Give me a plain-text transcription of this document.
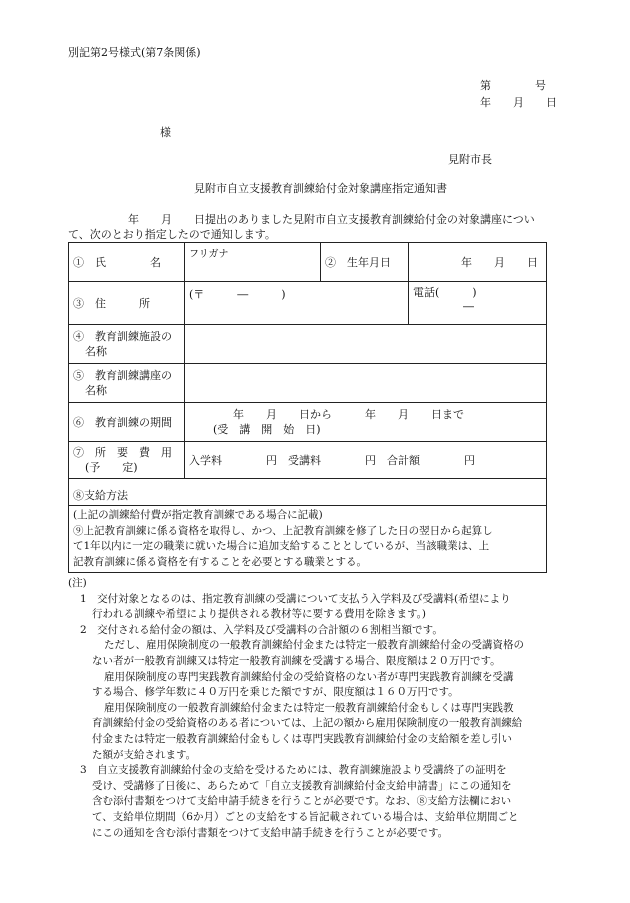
別記第2号様式(第7条関係)
第　　　　号
年　　月　　日
様
見附市長
見附市自立支援教育訓練給付金対象講座指定通知書
年　　月　　日提出のありました見附市自立支援教育訓練給付金の対象講座につい
て、次のとおり指定したので通知します。
①　氏　　　　名	フリガナ	②　生年月日	年　　月　　日
③　住　　　所	(〒　　　―　　　)		電話(　　　)
―

④　教育訓練施設の
名称			

⑤　教育訓練講座の
名称			

⑥　教育訓練の期間	年　　月　　日から　　　年　　月　　日まで
(受　講　開　始　日)		

⑦　所　要　費　用
(予　　定)	入学料　　　　円　受講料　　　　円　合計額　　　　円		
⑧支給方法			

(上記の訓練給付費が指定教育訓練である場合に記載)
⑨上記教育訓練に係る資格を取得し、かつ、上記教育訓練を修了した日の翌日から起算し
て1年以内に一定の職業に就いた場合に追加支給することとしているが、当該職業は、上
記教育訓練に係る資格を有することを必要とする職業とする。			

(注)

1　交付対象となるのは、指定教育訓練の受講について支払う入学料及び受講料(希望により

行われる訓練や希望により提供される教材等に要する費用を除きます。)

2　交付される給付金の額は、入学料及び受講料の合計額の６割相当額です。

ただし、雇用保険制度の一般教育訓練給付金または特定一般教育訓練給付金の受講資格の

ない者が一般教育訓練又は特定一般教育訓練を受講する場合、限度額は２０万円です。

雇用保険制度の専門実践教育訓練給付金の受給資格のない者が専門実践教育訓練を受講

する場合、修学年数に４０万円を乗じた額ですが、限度額は１６０万円です。

雇用保険制度の一般教育訓練給付金または特定一般教育訓練給付金もしくは専門実践教

育訓練給付金の受給資格のある者については、上記の額から雇用保険制度の一般教育訓練給

付金または特定一般教育訓練給付金もしくは専門実践教育訓練給付金の支給額を差し引い

た額が支給されます。

3　自立支援教育訓練給付金の支給を受けるためには、教育訓練施設より受講終了の証明を

受け、受講修了日後に、あらためて「自立支援教育訓練給付金支給申請書」にこの通知を

含む添付書類をつけて支給申請手続きを行うことが必要です。なお、⑧支給方法欄におい

て、支給単位期間（6か月）ごとの支給をする旨記載されている場合は、支給単位期間ごと

にこの通知を含む添付書類をつけて支給申請手続きを行うことが必要です。
